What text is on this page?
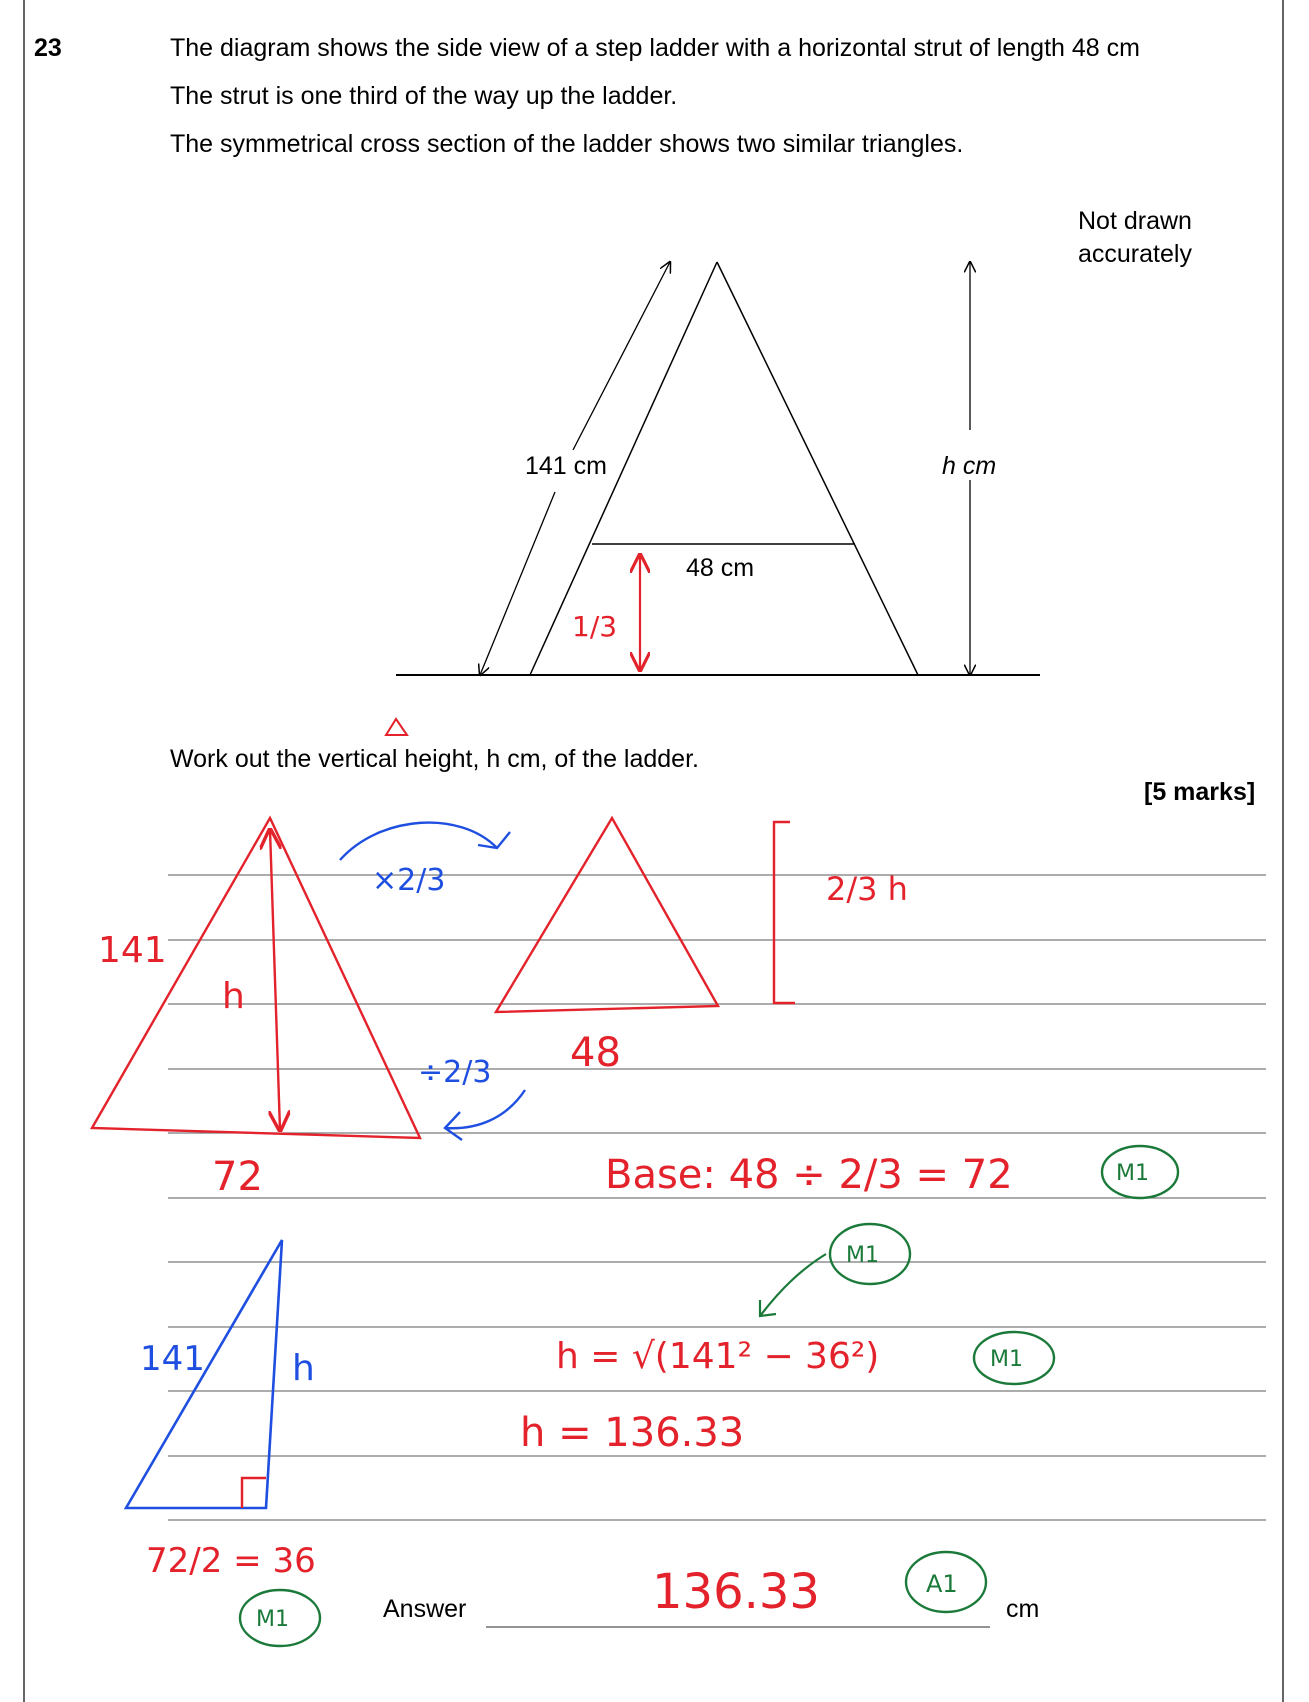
23	The diagram shows the side view of a step ladder with a horizontal strut of length 48 cm
The strut is one third of the way up the ladder.
The symmetrical cross section of the ladder shows two similar triangles.
Not drawn accurately
Work out the vertical height, h cm, of the ladder.
[5 marks]
Answer	cm
141 cm	h cm
48 cm
1/3
141
h
72
48
2/3 h
×2/3
÷2/3
Base: 48 ÷ 2/3 = 72	M1
141 h
72/2 = 36
M1
M1
h = √(141² − 36²)	M1
h = 136.33
136.33	A1
